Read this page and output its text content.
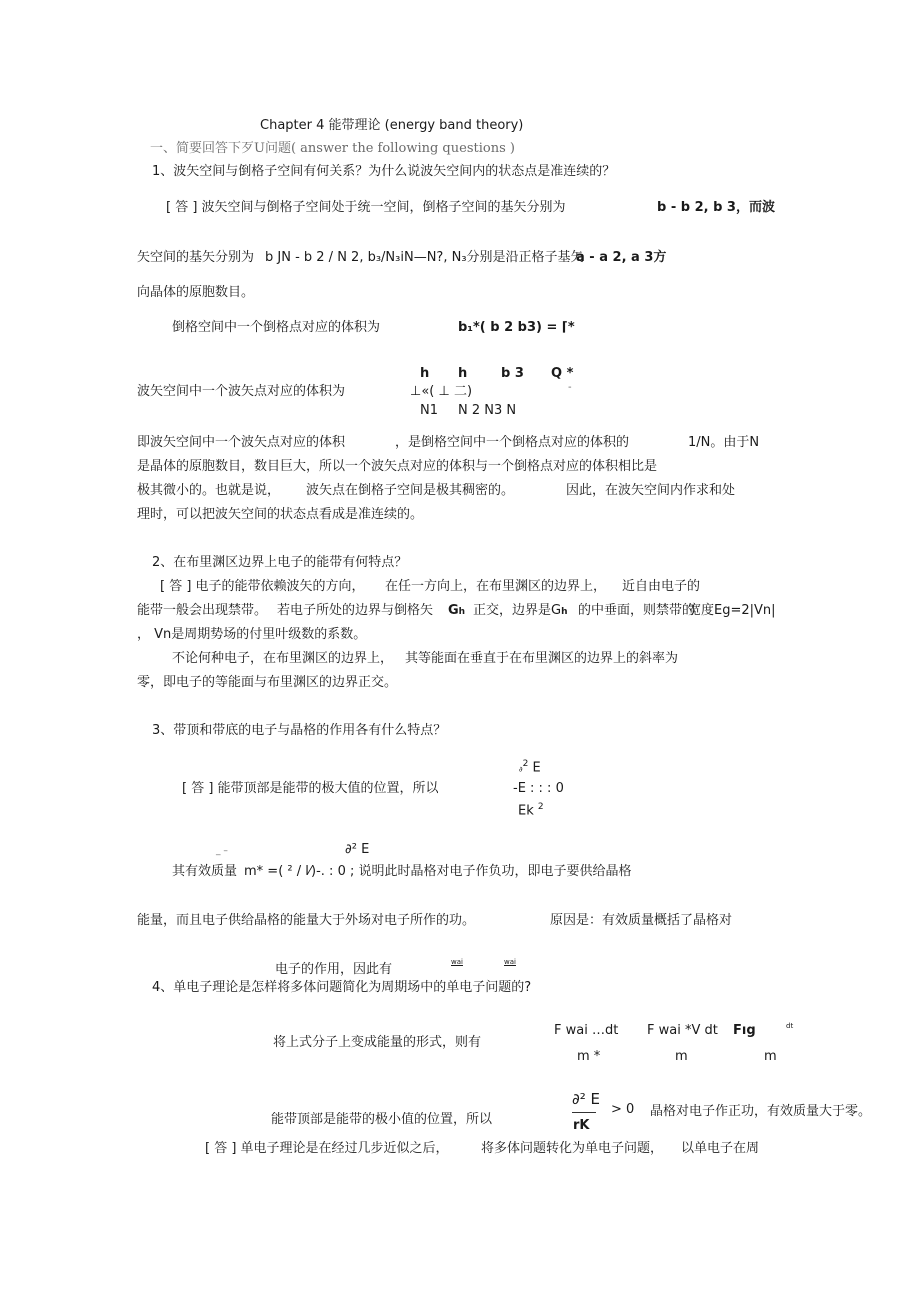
Chapter 4 能带理论 (energy band theory)
一、简要回答下歹U问题( answer the following questions )
1、波矢空间与倒格子空间有何关系？为什么说波矢空间内的状态点是准连续的？
[ 答 ] 波矢空间与倒格子空间处于统一空间，倒格子空间的基矢分别为	b - b 2, b 3，而波
矢空间的基矢分别为 b JN - b 2 / N 2, b₃/N₃iN—N?, N₃分别是沿正格子基矢
a - a 2, a 3方
向晶体的原胞数目。
倒格空间中一个倒格点对应的体积为	b₁*( b 2 b3) = ⌈*
h h	b 3 Q *
波矢空间中一个波矢点对应的体积为	⊥«( ⊥ 二)	-
N1 N 2 N3 N
即波矢空间中一个波矢点对应的体积	，是倒格空间中一个倒格点对应的体积的	1/N。由于N
是晶体的原胞数目，数目巨大，所以一个波矢点对应的体积与一个倒格点对应的体积相比是
极其微小的。也就是说， 波矢点在倒格子空间是极其稠密的。	因此，在波矢空间内作求和处
理时，可以把波矢空间的状态点看成是准连续的。
2、在布里渊区边界上电子的能带有何特点？
[ 答 ] 电子的能带依赖波矢的方向， 在任一方向上，在布里渊区的边界上， 近自由电子的
能带一般会出现禁带。 若电子所处的边界与倒格矢 Gh 正交，边界是Gh 的中垂面，则禁带的
宽度Eg=2|Vn|
， Vn是周期势场的付里叶级数的系数。
不论何种电子，在布里渊区的边界上， 其等能面在垂直于在布里渊区的边界上的斜率为
零，即电子的等能面与布里渊区的边界正交。
3、带顶和带底的电子与晶格的作用各有什么特点？
∂$^2$ E
[ 答 ] 能带顶部是能带的极大值的位置，所以	-E : : : 0
Ek $^2$
_ –	∂² E
其有效质量 m* =( ² / l⁄)-. : 0 ; 说明此时晶格对电子作负功，即电子要供给晶格
能量，而且电子供给晶格的能量大于外场对电子所作的功。	原因是：有效质量概括了晶格对
wai	wai
电子的作用，因此有
4、单电子理论是怎样将多体问题简化为周期场中的单电子问题的?
F wai …dt F wai *V dt Fıg	dt
将上式分子上变成能量的形式，则有
m *	m	m
∂² E
> 0 晶格对电子作正功，有效质量大于零。
rK
能带顶部是能带的极小值的位置，所以
[ 答 ] 单电子理论是在经过几步近似之后， 将多体问题转化为单电子问题， 以单电子在周
